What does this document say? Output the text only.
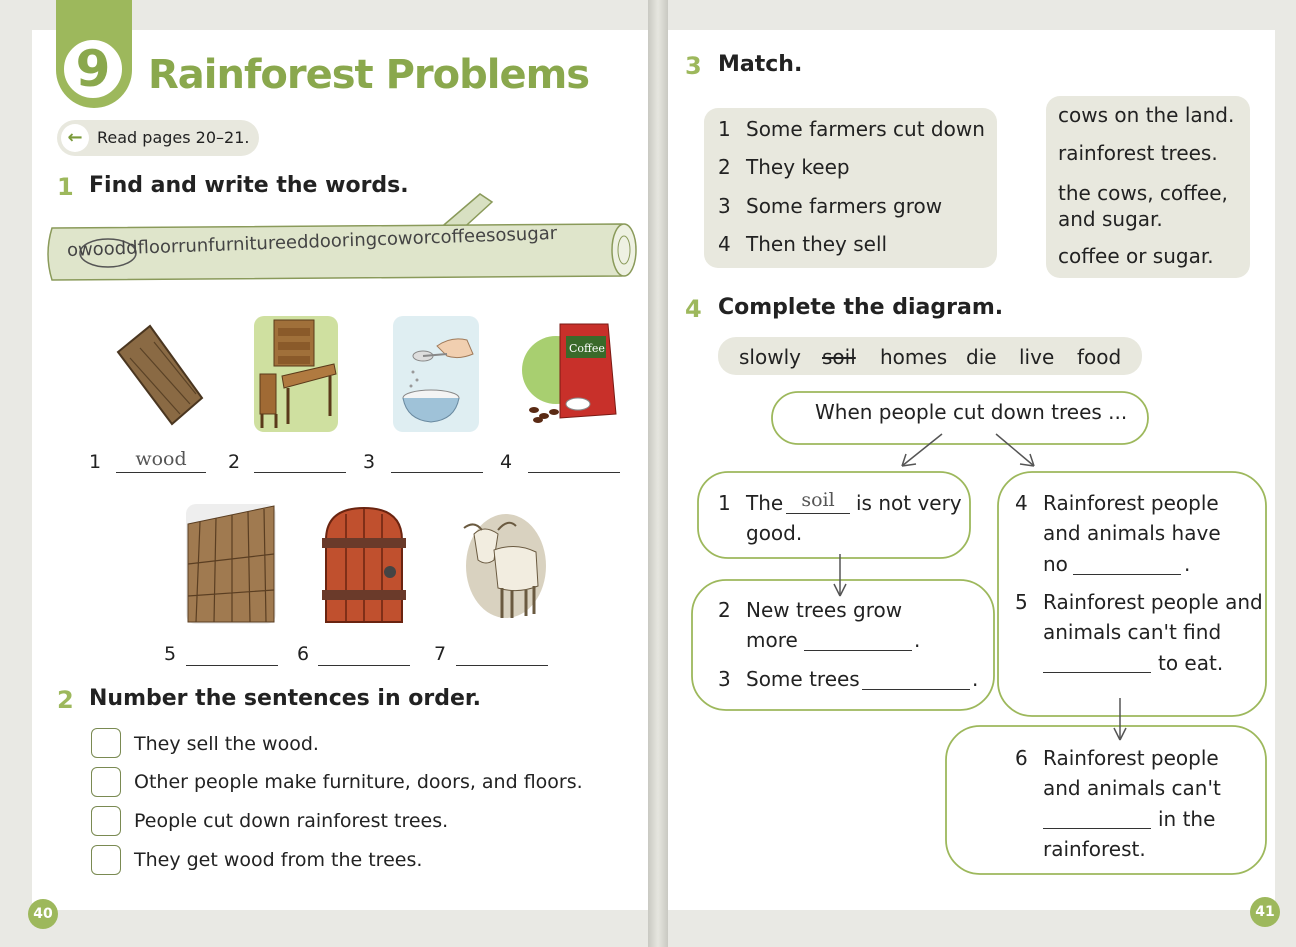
9 Rainforest Problems
← Read pages 20–21.
1 Find and write the words.
owooddfloorrunfurnitureeddooringcoworcoffeesosugar
Coffee
1	wood	2	3	4
5	6	7
2 Number the sentences in order.
They sell the wood.
Other people make furniture, doors, and floors.
People cut down rainforest trees.
They get wood from the trees.
40
3 Match.
1 Some farmers cut down
2 They keep
3 Some farmers grow
4 Then they sell
cows on the land.
rainforest trees.
the cows, coffee, and sugar.
coffee or sugar.
4 Complete the diagram.
slowly soil homes die live food
When people cut down trees ...
1 The soil	is not very
good.
2 New trees grow
more	.
3 Some trees	.
4 Rainforest people
and animals have
no	.
5 Rainforest people and
animals can't find
to eat.
6 Rainforest people
and animals can't
in the
rainforest.
41
